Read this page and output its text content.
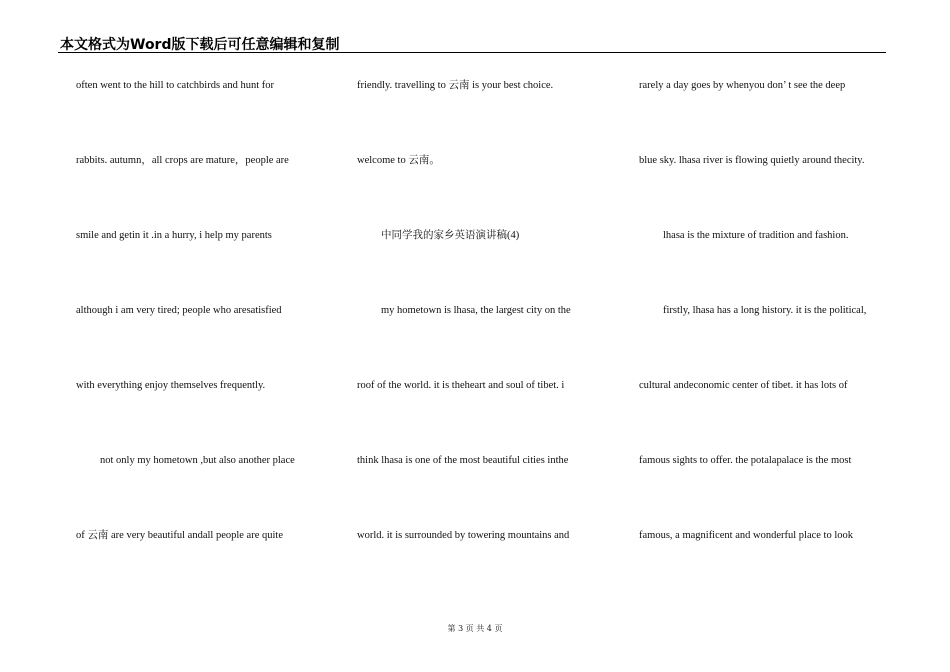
本文格式为Word版下载后可任意编辑和复制
often went to the hill to catchbirds and hunt for
rabbits. autumn，all crops are mature，people are
smile and getin it .in a hurry, i help my parents
although i am very tired; people who aresatisfied
with everything enjoy themselves frequently.
not only my hometown ,but also another place
of 云南 are very beautiful andall people are quite
friendly. travelling to 云南 is your best choice.
welcome to 云南。
中同学我的家乡英语演讲稿(4)
my hometown is lhasa, the largest city on the
roof of the world. it is theheart and soul of tibet. i
think lhasa is one of the most beautiful cities inthe
world. it is surrounded by towering mountains and
rarely a day goes by whenyou don’ t see the deep
blue sky. lhasa river is flowing quietly around thecity.
lhasa is the mixture of tradition and fashion.
firstly, lhasa has a long history. it is the political,
cultural andeconomic center of tibet. it has lots of
famous sights to offer. the potalapalace is the most
famous, a magnificent and wonderful place to look
第 3 页 共 4 页
